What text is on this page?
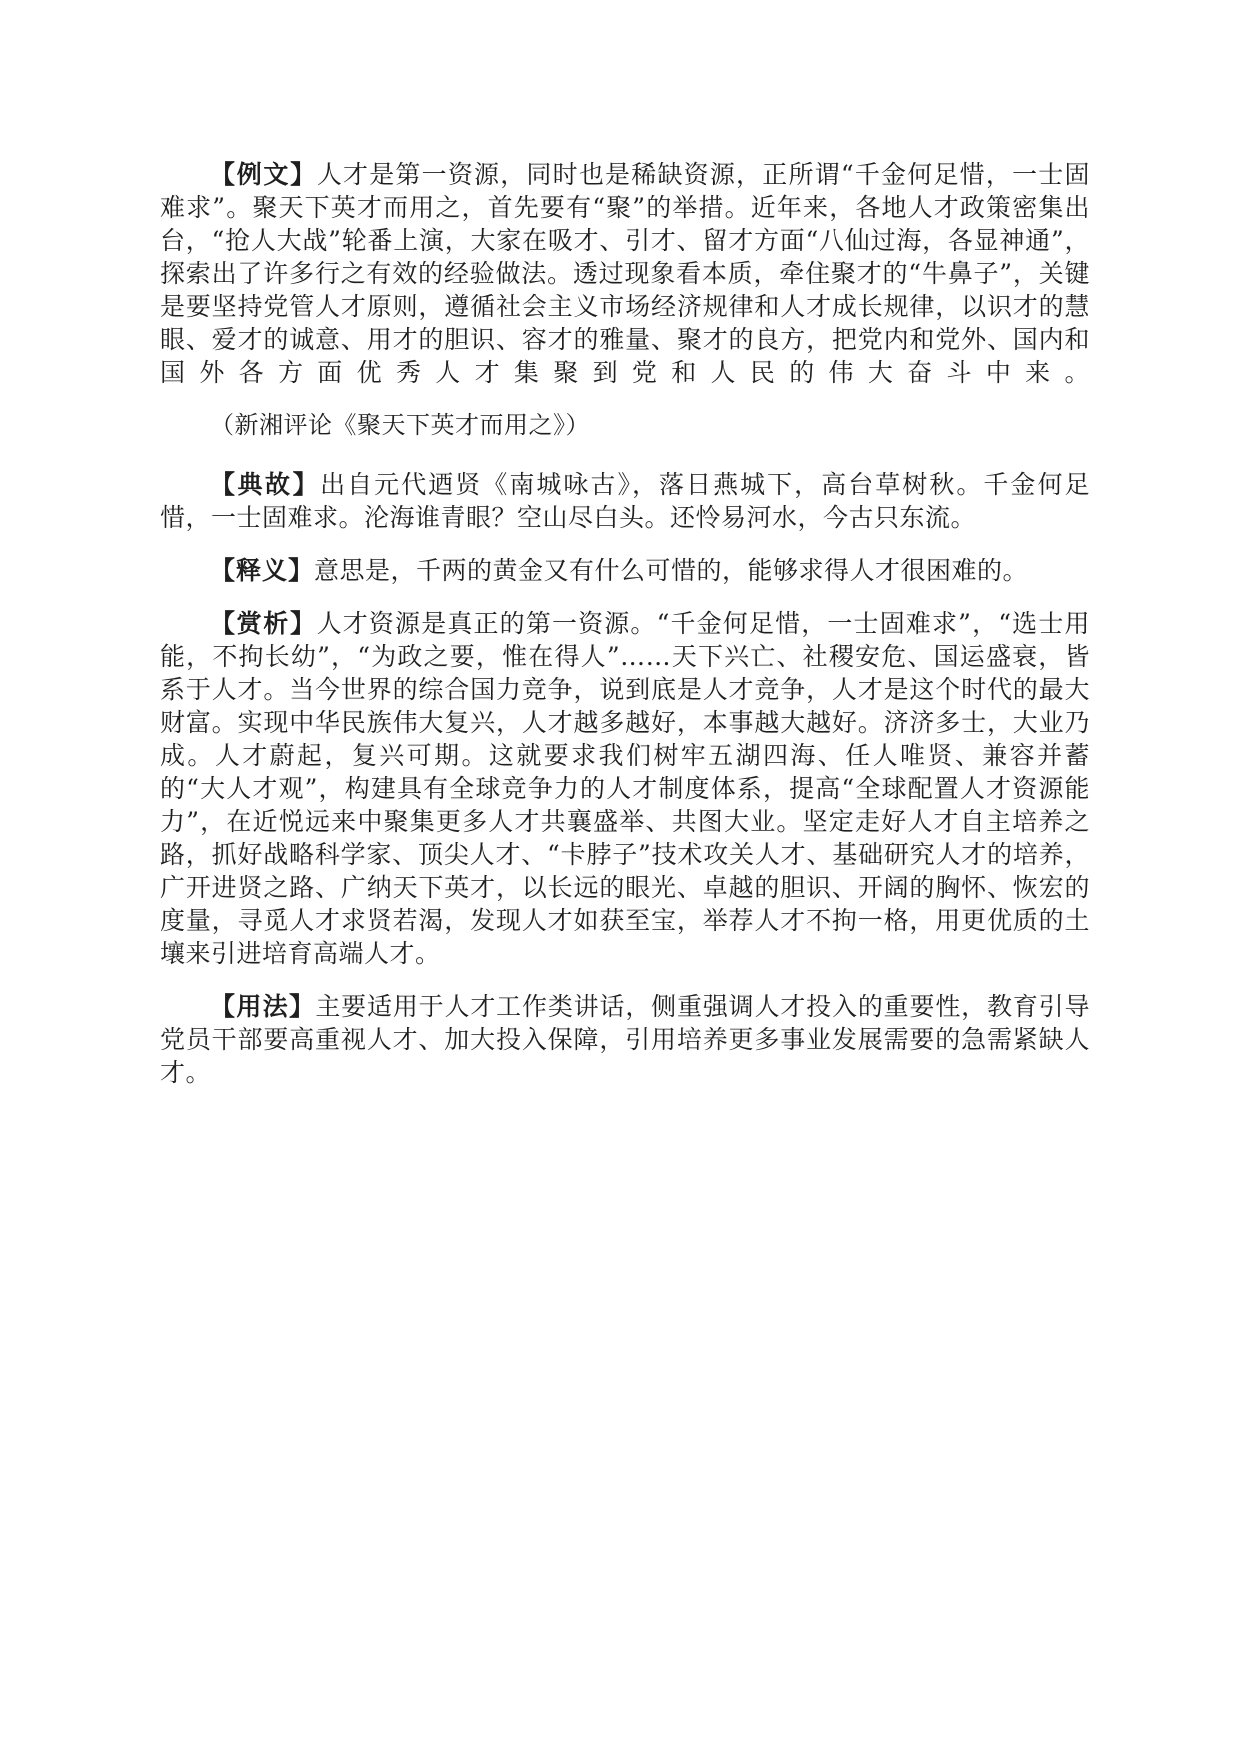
【例文】人才是第一资源，同时也是稀缺资源，正所谓“千金何足惜，一士固难求”。聚天下英才而用之，首先要有“聚”的举措。近年来，各地人才政策密集出台，“抢人大战”轮番上演，大家在吸才、引才、留才方面“八仙过海，各显神通”，探索出了许多行之有效的经验做法。透过现象看本质，牵住聚才的“牛鼻子”，关键是要坚持党管人才原则，遵循社会主义市场经济规律和人才成长规律，以识才的慧眼、爱才的诚意、用才的胆识、容才的雅量、聚才的良方，把党内和党外、国内和国外各方面优秀人才集聚到党和人民的伟大奋斗中来。（新湘评论《聚天下英才而用之》）

【典故】出自元代迺贤《南城咏古》，落日燕城下，高台草树秋。千金何足惜，一士固难求。沦海谁青眼？空山尽白头。还怜易河水，今古只东流。

【释义】意思是，千两的黄金又有什么可惜的，能够求得人才很困难的。

【赏析】人才资源是真正的第一资源。“千金何足惜，一士固难求”，“选士用能，不拘长幼”，“为政之要，惟在得人”……天下兴亡、社稷安危、国运盛衰，皆系于人才。当今世界的综合国力竞争，说到底是人才竞争，人才是这个时代的最大财富。实现中华民族伟大复兴，人才越多越好，本事越大越好。济济多士，大业乃成。人才蔚起，复兴可期。这就要求我们树牢五湖四海、任人唯贤、兼容并蓄的“大人才观”，构建具有全球竞争力的人才制度体系，提高“全球配置人才资源能力”，在近悦远来中聚集更多人才共襄盛举、共图大业。坚定走好人才自主培养之路，抓好战略科学家、顶尖人才、“卡脖子”技术攻关人才、基础研究人才的培养，广开进贤之路、广纳天下英才，以长远的眼光、卓越的胆识、开阔的胸怀、恢宏的度量，寻觅人才求贤若渴，发现人才如获至宝，举荐人才不拘一格，用更优质的土壤来引进培育高端人才。

【用法】主要适用于人才工作类讲话，侧重强调人才投入的重要性，教育引导党员干部要高重视人才、加大投入保障，引用培养更多事业发展需要的急需紧缺人才。
